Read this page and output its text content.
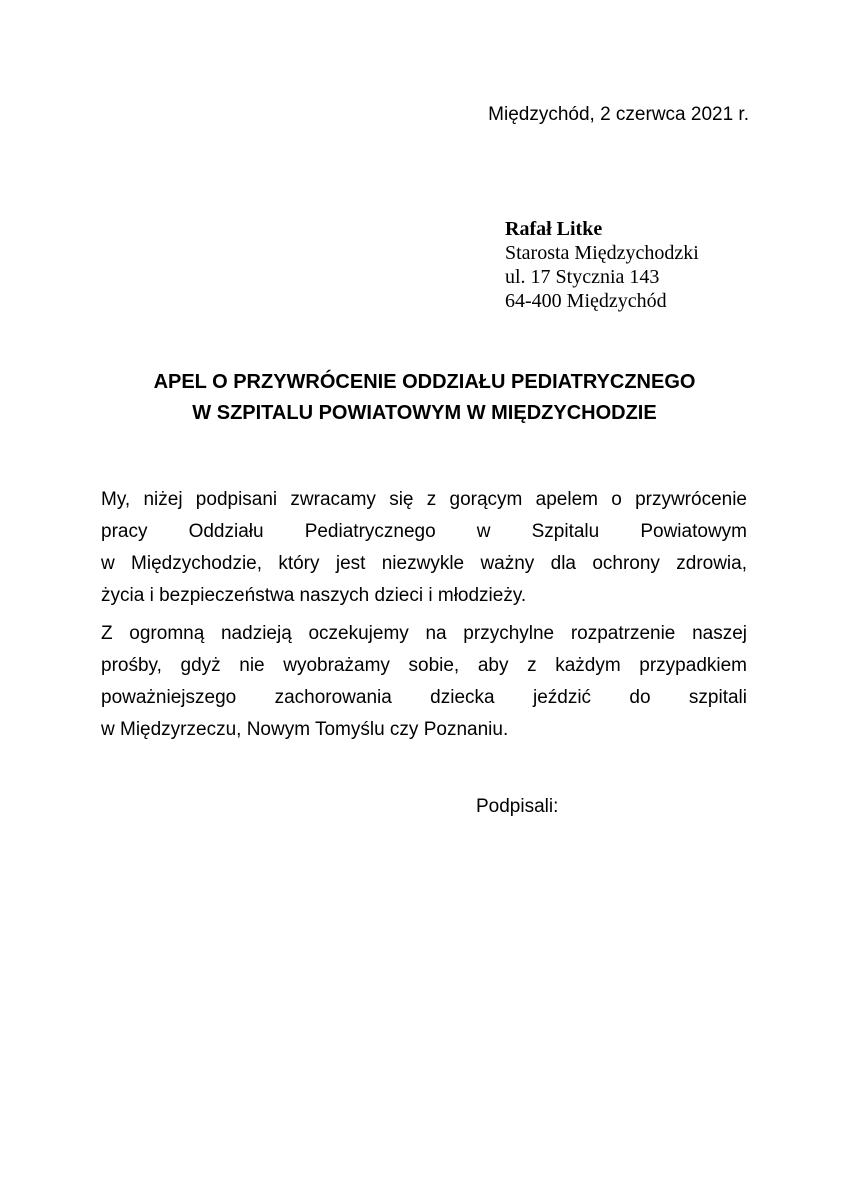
Międzychód, 2 czerwca 2021 r.
Rafał Litke
Starosta Międzychodzki
ul. 17 Stycznia 143
64-400 Międzychód
APEL O PRZYWRÓCENIE ODDZIAŁU PEDIATRYCZNEGO
W SZPITALU POWIATOWYM W MIĘDZYCHODZIE
My, niżej podpisani zwracamy się z gorącym apelem o przywrócenie
pracy Oddziału Pediatrycznego w Szpitalu Powiatowym
w Międzychodzie, który jest niezwykle ważny dla ochrony zdrowia,
życia i bezpieczeństwa naszych dzieci i młodzieży.
Z ogromną nadzieją oczekujemy na przychylne rozpatrzenie naszej
prośby, gdyż nie wyobrażamy sobie, aby z każdym przypadkiem
poważniejszego zachorowania dziecka jeździć do szpitali
w Międzyrzeczu, Nowym Tomyślu czy Poznaniu.
Podpisali:
